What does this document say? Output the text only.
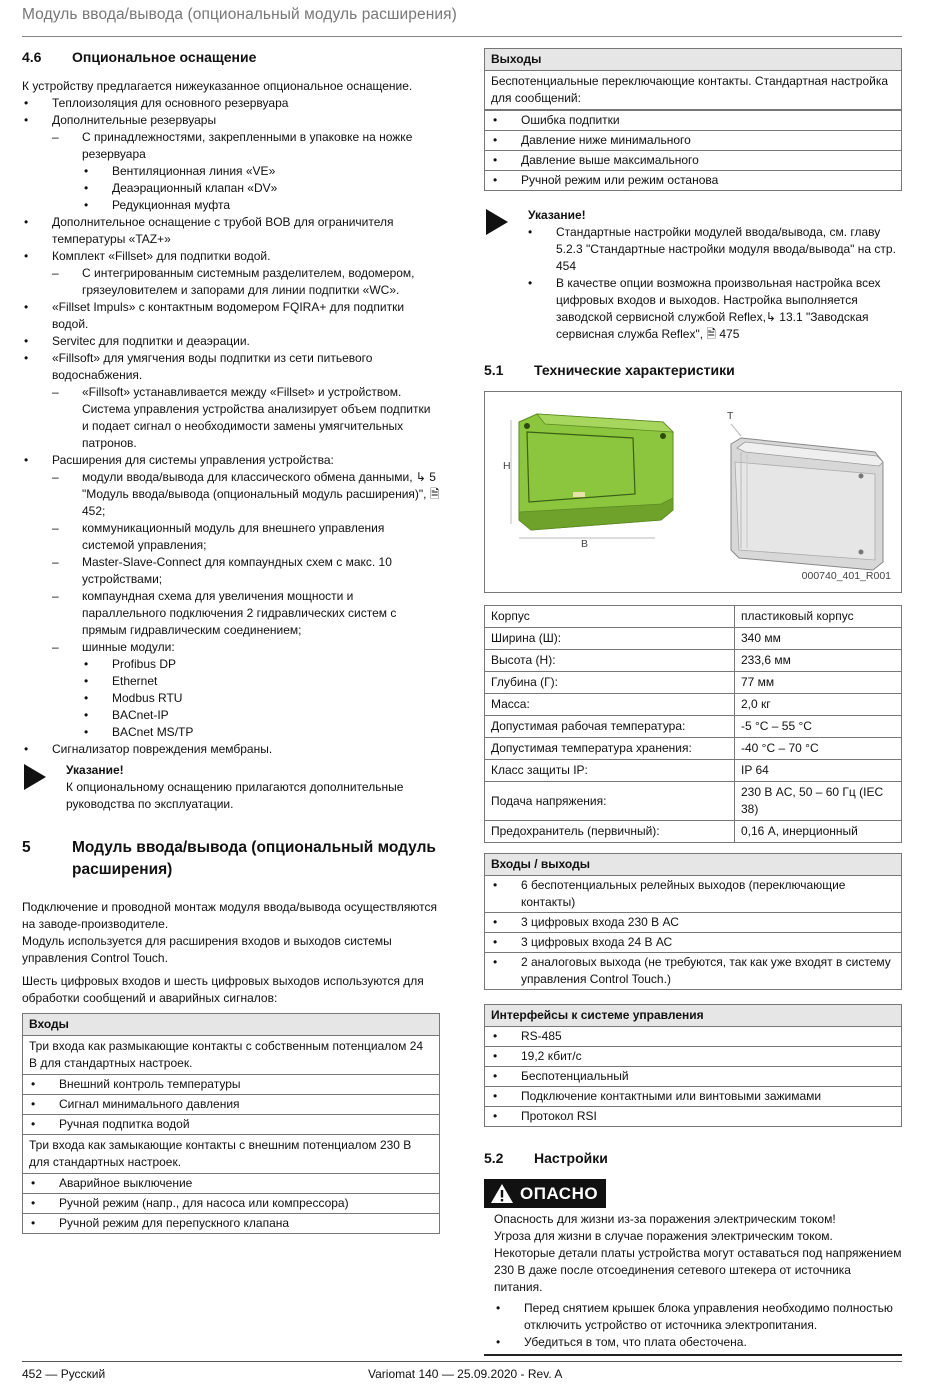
Модуль ввода/вывода (опциональный модуль расширения)
4.6	Опциональное оснащение

К устройству предлагается нижеуказанное опциональное оснащение.

• Теплоизоляция для основного резервуара
• Дополнительные резервуары
– С принадлежностями, закрепленными в упаковке на ножке резервуара
• Вентиляционная линия «VE»
• Деаэрационный клапан «DV»
• Редукционная муфта
• Дополнительное оснащение с трубой BOB для ограничителя температуры «TAZ+»
• Комплект «Fillset» для подпитки водой.
– С интегрированным системным разделителем, водомером, грязеуловителем и запорами для линии подпитки «WC».
• «Fillset Impuls» с контактным водомером FQIRA+ для подпитки водой.
• Servitec для подпитки и деаэрации.
• «Fillsoft» для умягчения воды подпитки из сети питьевого водоснабжения.
– «Fillsoft» устанавливается между «Fillset» и устройством. Система управления устройства анализирует объем подпитки и подает сигнал о необходимости замены умягчительных патронов.
• Расширения для системы управления устройства:
– модули ввода/вывода для классического обмена данными, ↳ 5 "Модуль ввода/вывода (опциональный модуль расширения)", 🗎 452;
– коммуникационный модуль для внешнего управления системой управления;
– Master-Slave-Connect для компаундных схем с макс. 10 устройствами;
– компаундная схема для увеличения мощности и параллельного подключения 2 гидравлических систем с прямым гидравлическим соединением;
– шинные модули:
• Profibus DP
• Ethernet
• Modbus RTU
• BACnet-IP
• BACnet MS/TP
• Сигнализатор повреждения мембраны.
Указание!
К опциональному оснащению прилагаются дополнительные руководства по эксплуатации.
5	Модуль ввода/вывода (опциональный модуль расширения)

Подключение и проводной монтаж модуля ввода/вывода осуществляются на заводе-производителе.

Модуль используется для расширения входов и выходов системы управления Control Touch.

Шесть цифровых входов и шесть цифровых выходов используются для обработки сообщений и аварийных сигналов:

Входы
Три входа как размыкающие контакты с собственным потенциалом 24 В для стандартных настроек.
• Внешний контроль температуры
• Сигнал минимального давления
• Ручная подпитка водой
Три входа как замыкающие контакты с внешним потенциалом 230 В для стандартных настроек.
• Аварийное выключение
• Ручной режим (напр., для насоса или компрессора)
• Ручной режим для перепускного клапана
Выходы
Беспотенциальные переключающие контакты. Стандартная настройка для сообщений:
• Ошибка подпитки
• Давление ниже минимального
• Давление выше максимального
• Ручной режим или режим останова
Указание!
• Стандартные настройки модулей ввода/вывода, см. главу 5.2.3 "Стандартные настройки модуля ввода/вывода" на стр. 454
• В качестве опции возможна произвольная настройка всех цифровых входов и выходов. Настройка выполняется заводской сервисной службой Reflex,↳ 13.1 "Заводская сервисная служба Reflex", 🗎 475
5.1	Технические характеристики
H
B
T
000740_401_R001
Корпус	пластиковый корпус
Ширина (Ш):	340 мм
Высота (Н):	233,6 мм
Глубина (Г):	77 мм
Масса:	2,0 кг
Допустимая рабочая температура:	-5 °C – 55 °C
Допустимая температура хранения:	-40 °C – 70 °C
Класс защиты IP:	IP 64
Подача напряжения:	230 В AC, 50 – 60 Гц (IEC 38)
Предохранитель (первичный):	0,16 А, инерционный
Входы / выходы
• 6 беспотенциальных релейных выходов (переключающие контакты)
• 3 цифровых входа 230 В АС
• 3 цифровых входа 24 В АС
• 2 аналоговых выхода (не требуются, так как уже входят в систему управления Control Touch.)
Интерфейсы к системе управления
• RS-485
• 19,2 кбит/с
• Беспотенциальный
• Подключение контактными или винтовыми зажимами
• Протокол RSI
5.2	Настройки
ОПАСНО
Опасность для жизни из-за поражения электрическим током!
Угроза для жизни в случае поражения электрическим током.
Некоторые детали платы устройства могут оставаться под напряжением 230 В даже после отсоединения сетевого штекера от источника питания.
• Перед снятием крышек блока управления необходимо полностью отключить устройство от источника электропитания.
• Убедиться в том, что плата обесточена.
452 — Русский	Variomat 140 — 25.09.2020 - Rev. A
